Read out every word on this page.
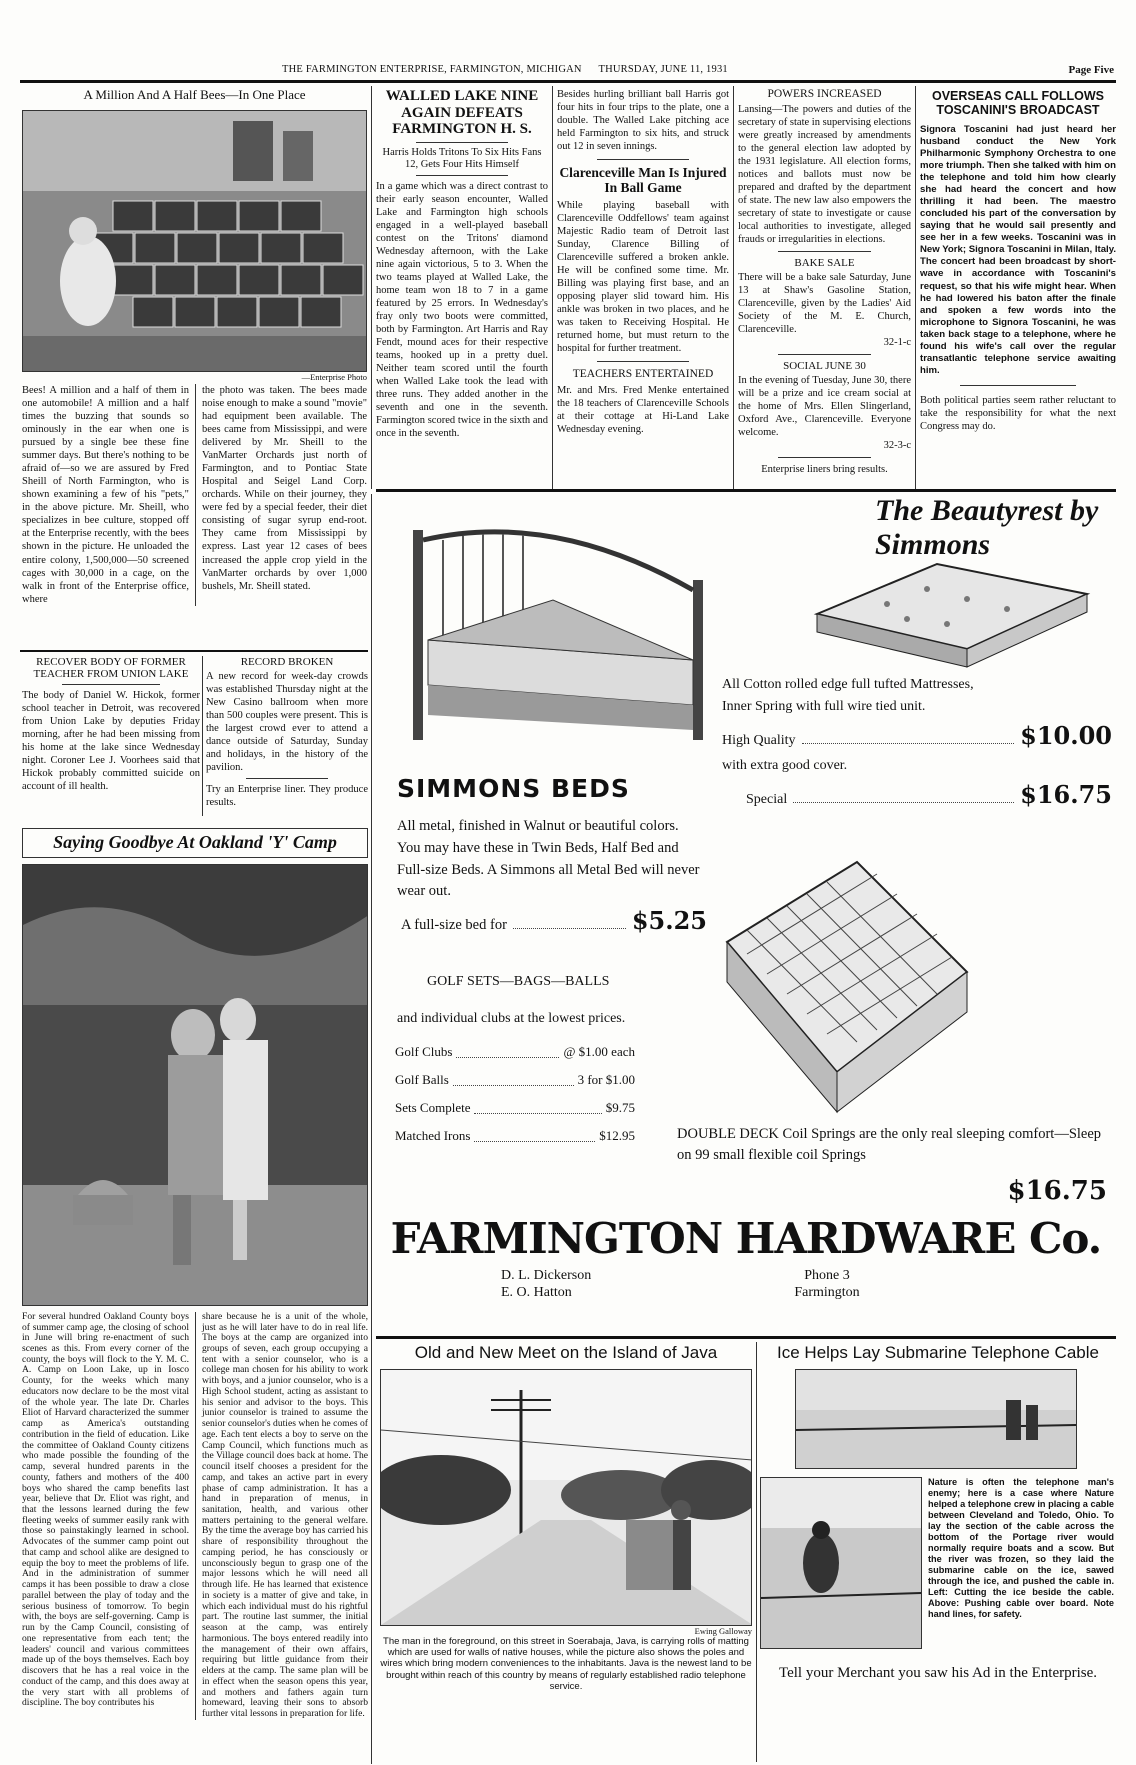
THE FARMINGTON ENTERPRISE, FARMINGTON, MICHIGAN THURSDAY, JUNE 11, 1931	Page Five
A Million And A Half Bees—In One Place
—Enterprise Photo
Bees! A million and a half of them in one automobile! A million and a half times the buzzing that sounds so ominously in the ear when one is pursued by a single bee these fine summer days. But there's nothing to be afraid of—so we are assured by Fred Sheill of North Farmington, who is shown examining a few of his "pets," in the above picture. Mr. Sheill, who specializes in bee culture, stopped off at the Enterprise recently, with the bees shown in the picture. He unloaded the entire colony, 1,500,000—50 screened cages with 30,000 in a cage, on the walk in front of the Enterprise office, where
the photo was taken. The bees made noise enough to make a sound "movie" had equipment been available. The bees came from Mississippi, and were delivered by Mr. Sheill to the VanMarter Orchards just north of Farmington, and to Pontiac State Hospital and Seigel Land Corp. orchards. While on their journey, they were fed by a special feeder, their diet consisting of sugar syrup end-root. They came from Mississippi by express. Last year 12 cases of bees increased the apple crop yield in the VanMarter orchards by over 1,000 bushels, Mr. Sheill stated.
WALLED LAKE NINE AGAIN DEFEATS FARMINGTON H. S.
Harris Holds Tritons To Six Hits Fans 12, Gets Four Hits Himself
In a game which was a direct contrast to their early season encounter, Walled Lake and Farmington high schools engaged in a well-played baseball contest on the Tritons' diamond Wednesday afternoon, with the Lake nine again victorious, 5 to 3. When the two teams played at Walled Lake, the home team won 18 to 7 in a game featured by 25 errors. In Wednesday's fray only two boots were committed, both by Farmington. Art Harris and Ray Fendt, mound aces for their respective teams, hooked up in a pretty duel. Neither team scored until the fourth when Walled Lake took the lead with three runs. They added another in the seventh and one in the seventh. Farmington scored twice in the sixth and once in the seventh.
Besides hurling brilliant ball Harris got four hits in four trips to the plate, one a double. The Walled Lake pitching ace held Farmington to six hits, and struck out 12 in seven innings.
Clarenceville Man Is Injured In Ball Game
While playing baseball with Clarenceville Oddfellows' team against Majestic Radio team of Detroit last Sunday, Clarence Billing of Clarenceville suffered a broken ankle. He will be confined some time. Mr. Billing was playing first base, and an opposing player slid toward him. His ankle was broken in two places, and he was taken to Receiving Hospital. He returned home, but must return to the hospital for further treatment.
TEACHERS ENTERTAINED
Mr. and Mrs. Fred Menke entertained the 18 teachers of Clarenceville Schools at their cottage at Hi-Land Lake Wednesday evening.
POWERS INCREASED
Lansing—The powers and duties of the secretary of state in supervising elections were greatly increased by amendments to the general election law adopted by the 1931 legislature. All election forms, notices and ballots must now be prepared and drafted by the department of state. The new law also empowers the secretary of state to investigate or cause local authorities to investigate, alleged frauds or irregularities in elections.
BAKE SALE
There will be a bake sale Saturday, June 13 at Shaw's Gasoline Station, Clarenceville, given by the Ladies' Aid Society of the M. E. Church, Clarenceville.
32-1-c
SOCIAL JUNE 30
In the evening of Tuesday, June 30, there will be a prize and ice cream social at the home of Mrs. Ellen Slingerland, Oxford Ave., Clarenceville. Everyone welcome.
32-3-c
Enterprise liners bring results.
OVERSEAS CALL FOLLOWS TOSCANINI'S BROADCAST
Signora Toscanini had just heard her husband conduct the New York Philharmonic Symphony Orchestra to one more triumph. Then she talked with him on the telephone and told him how clearly she had heard the concert and how thrilling it had been. The maestro concluded his part of the conversation by saying that he would sail presently and see her in a few weeks. Toscanini was in New York; Signora Toscanini in Milan, Italy. The concert had been broadcast by short-wave in accordance with Toscanini's request, so that his wife might hear. When he had lowered his baton after the finale and spoken a few words into the microphone to Signora Toscanini, he was taken back stage to a telephone, where he found his wife's call over the regular transatlantic telephone service awaiting him.
Both political parties seem rather reluctant to take the responsibility for what the next Congress may do.
RECOVER BODY OF FORMER TEACHER FROM UNION LAKE
The body of Daniel W. Hickok, former school teacher in Detroit, was recovered from Union Lake by deputies Friday morning, after he had been missing from his home at the lake since Wednesday night. Coroner Lee J. Voorhees said that Hickok probably committed suicide on account of ill health.
RECORD BROKEN
A new record for week-day crowds was established Thursday night at the New Casino ballroom when more than 500 couples were present. This is the largest crowd ever to attend a dance outside of Saturday, Sunday and holidays, in the history of the pavilion.
Try an Enterprise liner. They produce results.
Saying Goodbye At Oakland 'Y' Camp
For several hundred Oakland County boys of summer camp age, the closing of school in June will bring re-enactment of such scenes as this. From every corner of the county, the boys will flock to the Y. M. C. A. Camp on Loon Lake, up in Iosco County, for the weeks which many educators now declare to be the most vital of the whole year. The late Dr. Charles Eliot of Harvard characterized the summer camp as America's outstanding contribution in the field of education. Like the committee of Oakland County citizens who made possible the founding of the camp, several hundred parents in the county, fathers and mothers of the 400 boys who shared the camp benefits last year, believe that Dr. Eliot was right, and that the lessons learned during the few fleeting weeks of summer easily rank with those so painstakingly learned in school. Advocates of the summer camp point out that camp and school alike are designed to equip the boy to meet the problems of life. And in the administration of summer camps it has been possible to draw a close parallel between the play of today and the serious business of tomorrow. To begin with, the boys are self-governing. Camp is run by the Camp Council, consisting of one representative from each tent; the leaders' council and various committees made up of the boys themselves. Each boy discovers that he has a real voice in the conduct of the camp, and this does away at the very start with all problems of discipline. The boy contributes his
share because he is a unit of the whole, just as he will later have to do in real life. The boys at the camp are organized into groups of seven, each group occupying a tent with a senior counselor, who is a college man chosen for his ability to work with boys, and a junior counselor, who is a High School student, acting as assistant to his senior and advisor to the boys. This junior counselor is trained to assume the senior counselor's duties when he comes of age. Each tent elects a boy to serve on the Camp Council, which functions much as the Village council does back at home. The council itself chooses a president for the camp, and takes an active part in every phase of camp administration. It has a hand in preparation of menus, in sanitation, health, and various other matters pertaining to the general welfare. By the time the average boy has carried his share of responsibility throughout the camping period, he has consciously or unconsciously begun to grasp one of the major lessons which he will need all through life. He has learned that existence in society is a matter of give and take, in which each individual must do his rightful part. The routine last summer, the initial season at the camp, was entirely harmonious. The boys entered readily into the management of their own affairs, requiring but little guidance from their elders at the camp. The same plan will be in effect when the season opens this year, and mothers and fathers again turn homeward, leaving their sons to absorb further vital lessons in preparation for life.
The Beautyrest by Simmons
All Cotton rolled edge full tufted Mattresses,
Inner Spring with full wire tied unit.
High Quality	$10.00
with extra good cover.
Special	$16.75
SIMMONS BEDS
All metal, finished in Walnut or beautiful colors.
You may have these in Twin Beds, Half Bed and
Full-size Beds. A Simmons all Metal Bed will never
wear out.
A full-size bed for	$5.25
GOLF SETS—BAGS—BALLS
and individual clubs at the lowest prices.
Golf Clubs	@ $1.00 each
Golf Balls	3 for $1.00
Sets Complete	$9.75
Matched Irons	$12.95	DOUBLE DECK Coil Springs are the only real sleeping comfort—Sleep on 99 small flexible coil Springs
$16.75
FARMINGTON HARDWARE Co.
D. L. Dickerson
E. O. Hatton
Phone 3
Farmington
Old and New Meet on the Island of Java
Ewing Galloway
The man in the foreground, on this street in Soerabaja, Java, is carrying rolls of matting which are used for walls of native houses, while the picture also shows the poles and wires which bring modern conveniences to the inhabitants. Java is the newest land to be brought within reach of this country by means of regularly established radio telephone service.
Ice Helps Lay Submarine Telephone Cable
Nature is often the telephone man's enemy; here is a case where Nature helped a telephone crew in placing a cable between Cleveland and Toledo, Ohio. To lay the section of the cable across the bottom of the Portage river would normally require boats and a scow. But the river was frozen, so they laid the submarine cable on the ice, sawed through the ice, and pushed the cable in. Left: Cutting the ice beside the cable. Above: Pushing cable over board. Note hand lines, for safety.
Tell your Merchant you saw his Ad in the Enterprise.
